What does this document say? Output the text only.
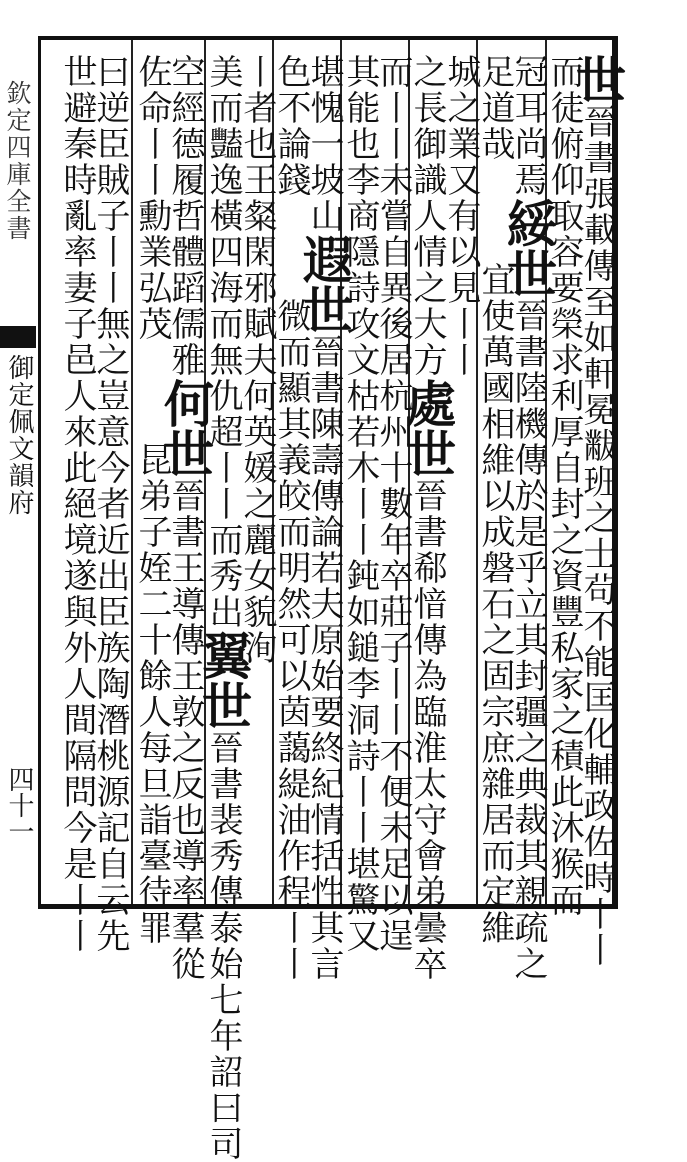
欽定四庫全書
御定佩文韻府
四十一
世晉書張載傳至如軒冕黻班之士茍不能匡化輔政佐時丨丨
而徒俯仰取容要榮求利厚自封之資豐私家之積此沐猴而
冠耳尚焉綏世晉書陸機傳於是乎立其封疆之典裁其親疏之
足道哉宜使萬國相維以成磐石之固宗庶雜居而定維
城之業又有以見丨丨
之長御識人情之大方處世晉書郗愔傳為臨淮太守會弟曇卒
而丨丨未嘗自異後居杭州十數年卒莊子丨丨不便未足以逞
其能也李商隱詩攻文枯若木丨丨鈍如鎚李洞詩丨丨堪驚又
堪愧一坡山遐世晉書陳壽傳論若夫原始要終紀情括性其言
色不論錢微而顯其義皎而明然可以茵藹緹油作程丨丨
丨者也王粲閑邪賦夫何英媛之麗女貌洵
美而豔逸橫四海而無仇超丨丨而秀出翼世晉書裴秀傳泰始七年詔曰司
空經德履哲體蹈儒雅何世晉書王導傳王敦之反也導率羣從
佐命丨丨勳業弘茂昆弟子姪二十餘人每旦詣臺待罪
曰逆臣賊子丨丨無之豈意今者近出臣族陶潛桃源記自云先
世避秦時亂率妻子邑人來此絕境遂與外人間隔問今是丨丨
